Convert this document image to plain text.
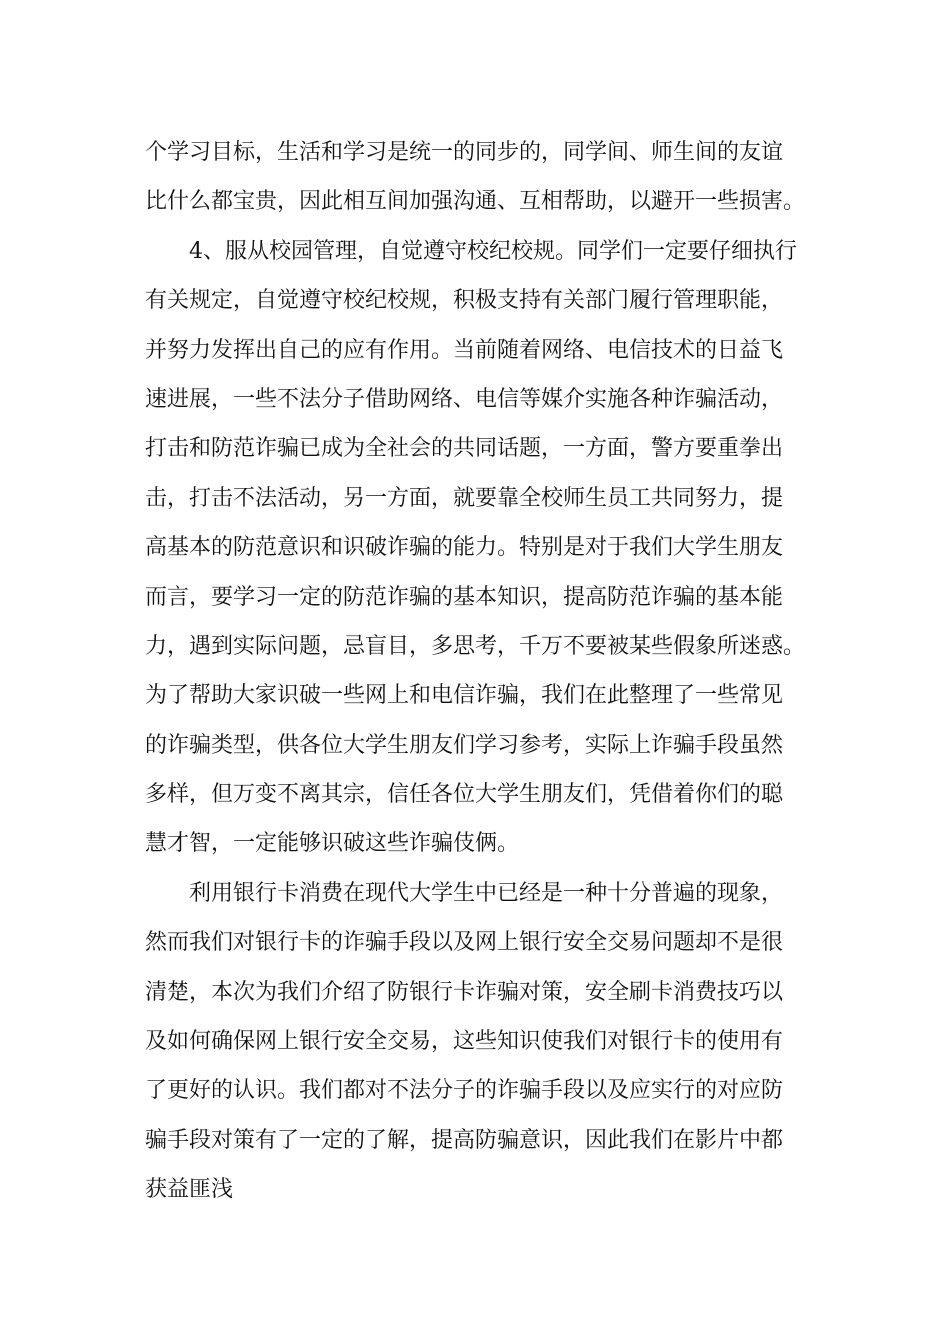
个学习目标，生活和学习是统一的同步的，同学间、师生间的友谊
比什么都宝贵，因此相互间加强沟通、互相帮助，以避开一些损害。
4、服从校园管理，自觉遵守校纪校规。同学们一定要仔细执行
有关规定，自觉遵守校纪校规，积极支持有关部门履行管理职能，
并努力发挥出自己的应有作用。当前随着网络、电信技术的日益飞
速进展，一些不法分子借助网络、电信等媒介实施各种诈骗活动，
打击和防范诈骗已成为全社会的共同话题，一方面，警方要重拳出
击，打击不法活动，另一方面，就要靠全校师生员工共同努力，提
高基本的防范意识和识破诈骗的能力。特别是对于我们大学生朋友
而言，要学习一定的防范诈骗的基本知识，提高防范诈骗的基本能
力，遇到实际问题，忌盲目，多思考，千万不要被某些假象所迷惑。
为了帮助大家识破一些网上和电信诈骗，我们在此整理了一些常见
的诈骗类型，供各位大学生朋友们学习参考，实际上诈骗手段虽然
多样，但万变不离其宗，信任各位大学生朋友们，凭借着你们的聪
慧才智，一定能够识破这些诈骗伎俩。
利用银行卡消费在现代大学生中已经是一种十分普遍的现象，
然而我们对银行卡的诈骗手段以及网上银行安全交易问题却不是很
清楚，本次为我们介绍了防银行卡诈骗对策，安全刷卡消费技巧以
及如何确保网上银行安全交易，这些知识使我们对银行卡的使用有
了更好的认识。我们都对不法分子的诈骗手段以及应实行的对应防
骗手段对策有了一定的了解，提高防骗意识，因此我们在影片中都
获益匪浅
